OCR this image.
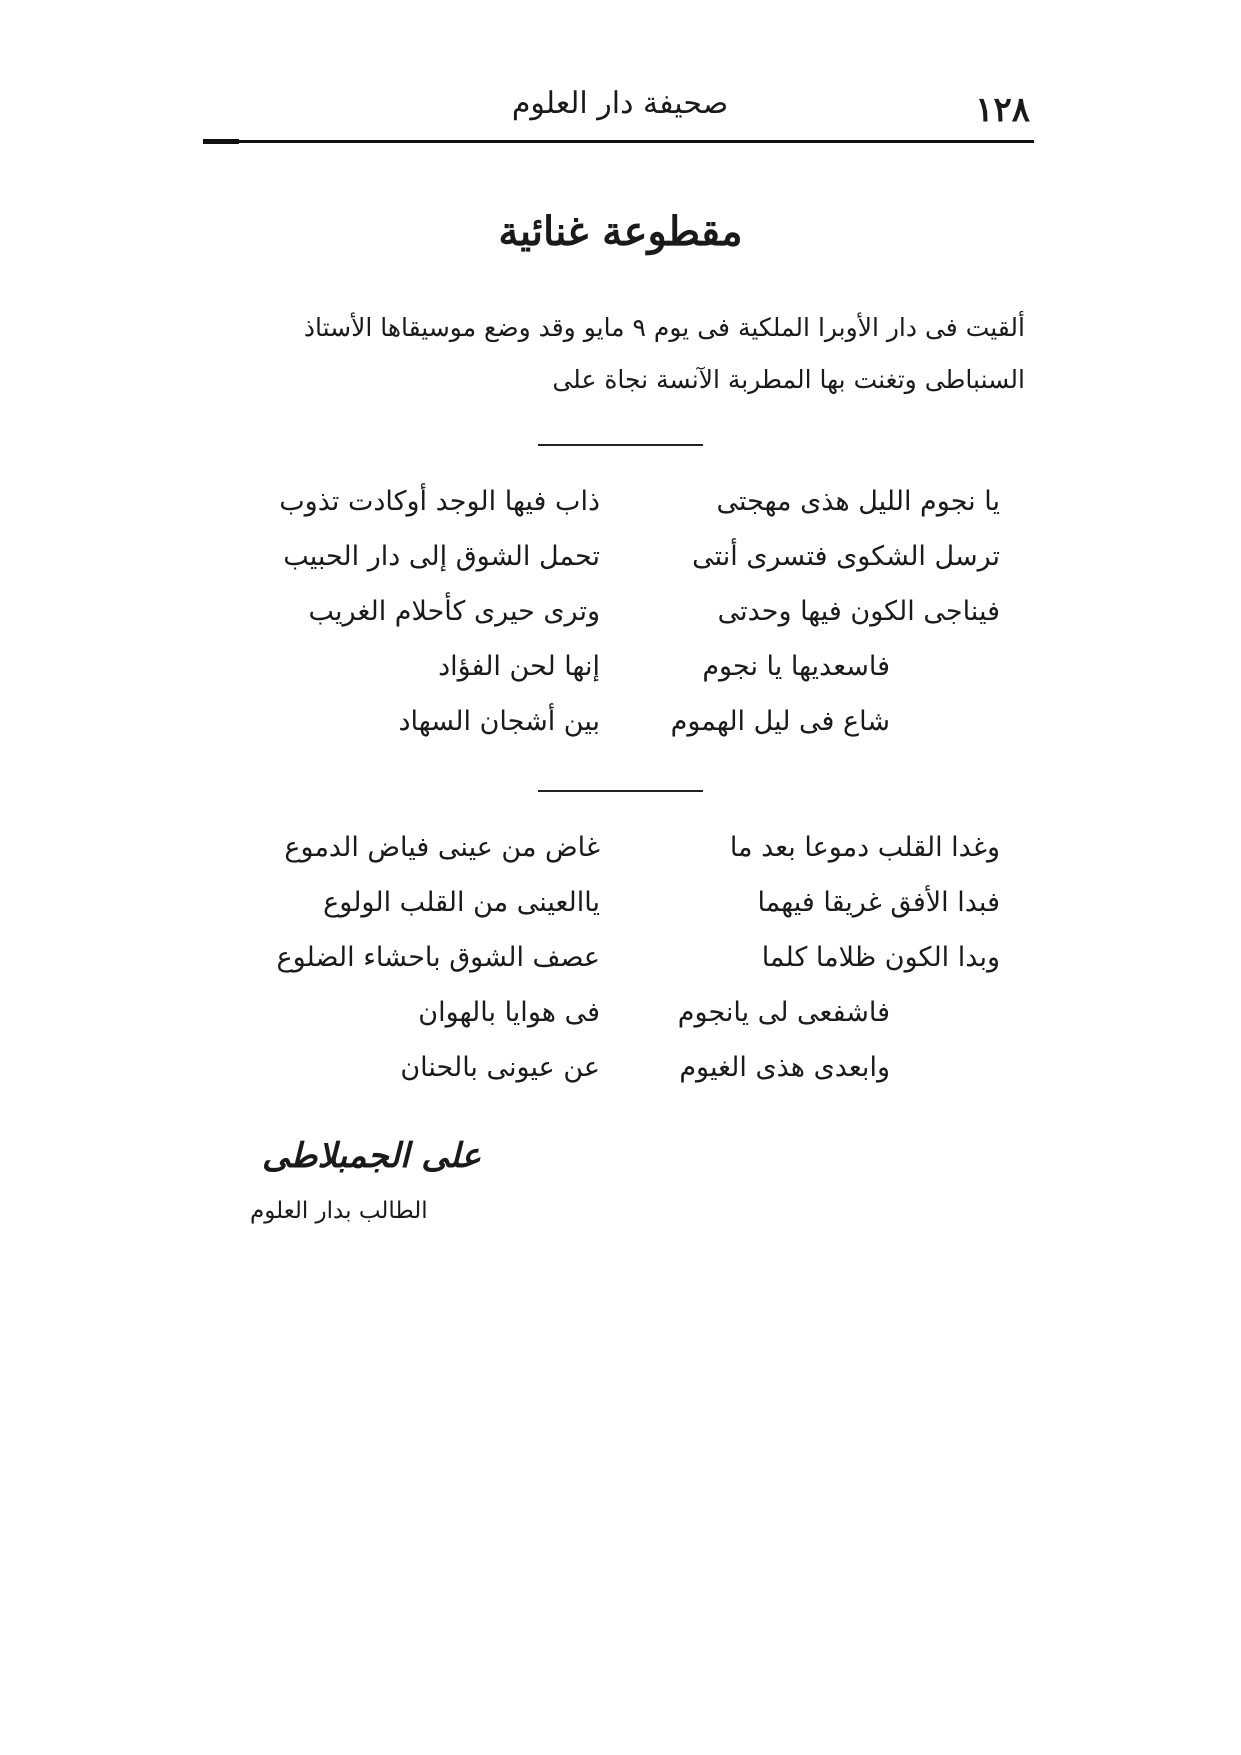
١٢٨
صحيفة دار العلوم
مقطوعة غنائية
ألقيت فى دار الأوبرا الملكية فى يوم ٩ مايو وقد وضع موسيقاها الأستاذ
السنباطى وتغنت بها المطربة الآنسة نجاة على
يا نجوم الليل هذى مهجتى
ذاب فيها الوجد أوكادت تذوب
ترسل الشكوى فتسرى أنتى
تحمل الشوق إلى دار الحبيب
فيناجى الكون فيها وحدتى
وترى حيرى كأحلام الغريب
فاسعديها يا نجوم
إنها لحن الفؤاد
شاع فى ليل الهموم
بين أشجان السهاد
وغدا القلب دموعا بعد ما
غاض من عينى فياض الدموع
فبدا الأفق غريقا فيهما
ياالعينى من القلب الولوع
وبدا الكون ظلاما كلما
عصف الشوق باحشاء الضلوع
فاشفعى لى يانجوم
فى هوايا بالهوان
وابعدى هذى الغيوم
عن عيونى بالحنان
على الجمبلاطى
الطالب بدار العلوم
